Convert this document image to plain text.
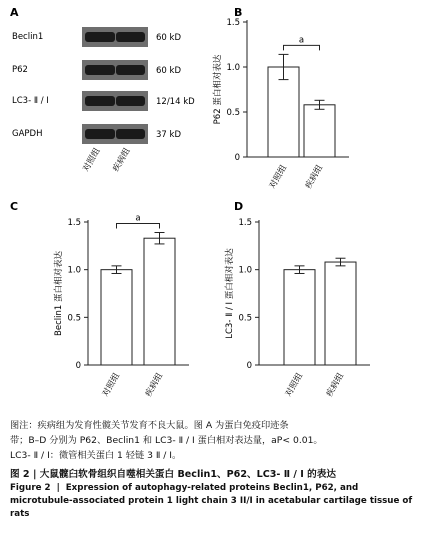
A
Beclin1	60 kD
P62	60 kD
LC3- Ⅱ / Ⅰ	12/14 kD
GAPDH	37 kD
对照组 疾病组
B
0
0.5
1.0
1.5
P62 蛋白相对表达
对照组 疾病组
a
C
0
0.5
1.0
1.5
Beclin1 蛋白相对表达
对照组	疾病组
a
D
0
0.5
1.0
1.5
LC3- Ⅱ / Ⅰ 蛋白相对表达
对照组 疾病组
图注：疾病组为发育性髋关节发育不良大鼠。图 A 为蛋白免疫印迹条
带；B–D 分别为 P62、Beclin1 和 LC3- Ⅱ / Ⅰ 蛋白相对表达量，aP< 0.01。
LC3- Ⅱ / Ⅰ：微管相关蛋白 1 轻链 3 Ⅱ / Ⅰ。
图 2 | 大鼠髋臼软骨组织自噬相关蛋白 Beclin1、P62、LC3- Ⅱ / Ⅰ 的表达
Figure 2 | Expression of autophagy-related proteins Beclin1, P62, and microtubule-associated protein 1 light chain 3 II/I in acetabular cartilage tissue of rats
